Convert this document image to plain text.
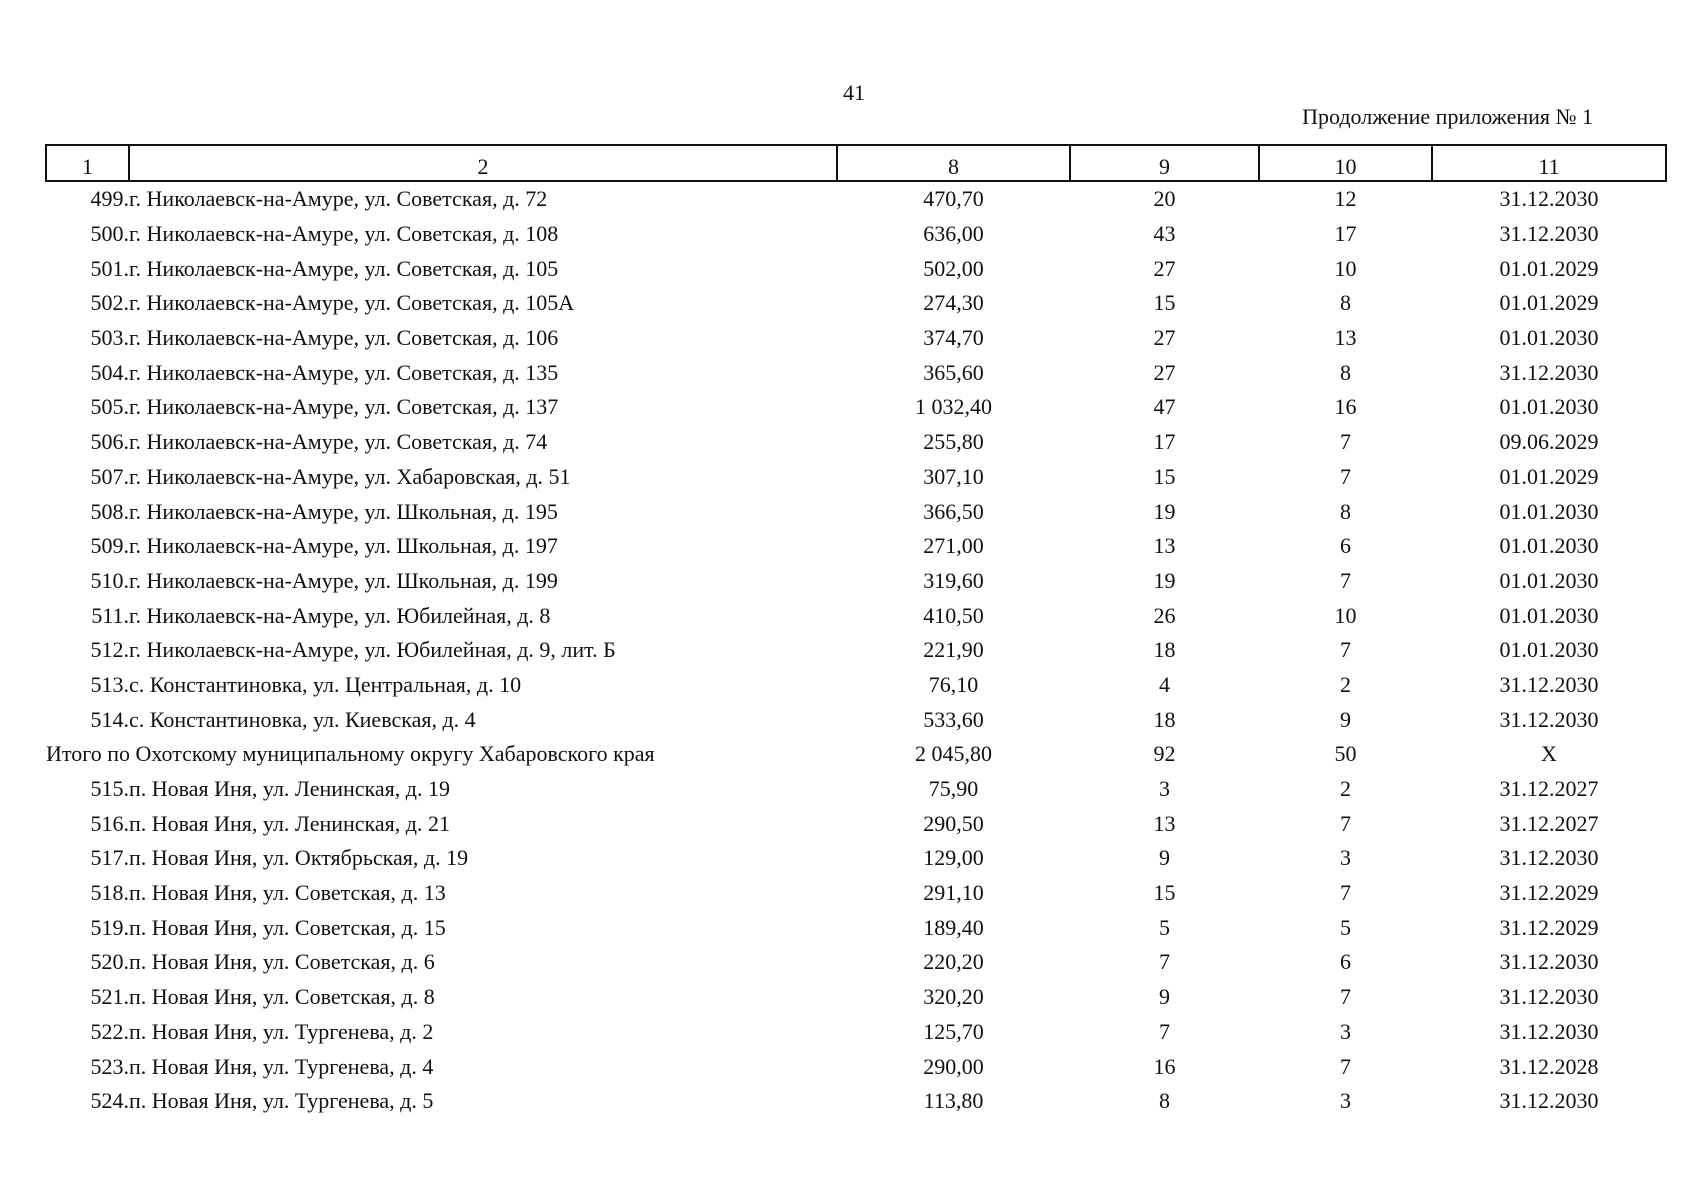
41
Продолжение приложения № 1
1	2	8	9	10	11
499.	г. Николаевск-на-Амуре, ул. Советская, д. 72	470,70	20	12	31.12.2030
500.	г. Николаевск-на-Амуре, ул. Советская, д. 108	636,00	43	17	31.12.2030
501.	г. Николаевск-на-Амуре, ул. Советская, д. 105	502,00	27	10	01.01.2029
502.	г. Николаевск-на-Амуре, ул. Советская, д. 105А	274,30	15	8	01.01.2029
503.	г. Николаевск-на-Амуре, ул. Советская, д. 106	374,70	27	13	01.01.2030
504.	г. Николаевск-на-Амуре, ул. Советская, д. 135	365,60	27	8	31.12.2030
505.	г. Николаевск-на-Амуре, ул. Советская, д. 137	1 032,40	47	16	01.01.2030
506.	г. Николаевск-на-Амуре, ул. Советская, д. 74	255,80	17	7	09.06.2029
507.	г. Николаевск-на-Амуре, ул. Хабаровская, д. 51	307,10	15	7	01.01.2029
508.	г. Николаевск-на-Амуре, ул. Школьная, д. 195	366,50	19	8	01.01.2030
509.	г. Николаевск-на-Амуре, ул. Школьная, д. 197	271,00	13	6	01.01.2030
510.	г. Николаевск-на-Амуре, ул. Школьная, д. 199	319,60	19	7	01.01.2030
511.	г. Николаевск-на-Амуре, ул. Юбилейная, д. 8	410,50	26	10	01.01.2030
512.	г. Николаевск-на-Амуре, ул. Юбилейная, д. 9, лит. Б	221,90	18	7	01.01.2030
513.	с. Константиновка, ул. Центральная, д. 10	76,10	4	2	31.12.2030
514.	с. Константиновка, ул. Киевская, д. 4	533,60	18	9	31.12.2030
Итого по Охотскому муниципальному округу Хабаровского края		2 045,80	92	50	X
515.	п. Новая Иня, ул. Ленинская, д. 19	75,90	3	2	31.12.2027
516.	п. Новая Иня, ул. Ленинская, д. 21	290,50	13	7	31.12.2027
517.	п. Новая Иня, ул. Октябрьская, д. 19	129,00	9	3	31.12.2030
518.	п. Новая Иня, ул. Советская, д. 13	291,10	15	7	31.12.2029
519.	п. Новая Иня, ул. Советская, д. 15	189,40	5	5	31.12.2029
520.	п. Новая Иня, ул. Советская, д. 6	220,20	7	6	31.12.2030
521.	п. Новая Иня, ул. Советская, д. 8	320,20	9	7	31.12.2030
522.	п. Новая Иня, ул. Тургенева, д. 2	125,70	7	3	31.12.2030
523.	п. Новая Иня, ул. Тургенева, д. 4	290,00	16	7	31.12.2028
524.	п. Новая Иня, ул. Тургенева, д. 5	113,80	8	3	31.12.2030
